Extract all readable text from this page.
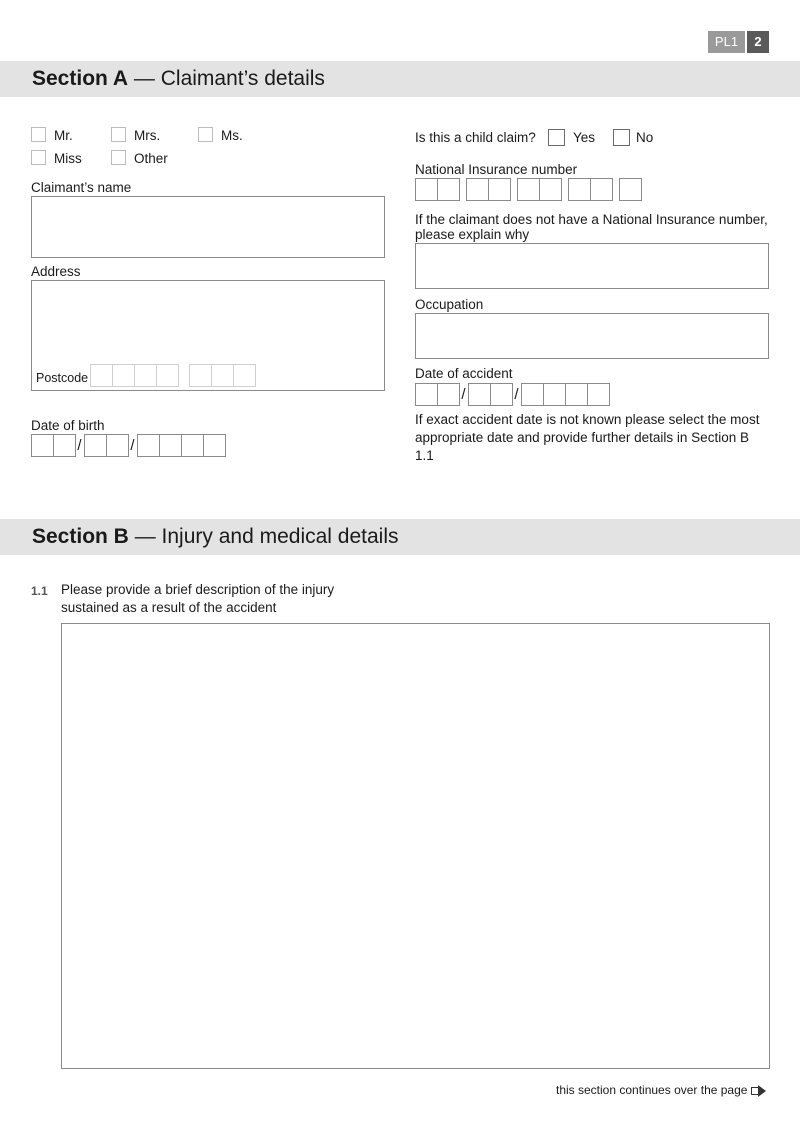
PL1	2
Section A — Claimant’s details
Mr.	Mrs.	Ms.
Miss	Other
Claimant’s name
Address
Postcode
Date of birth
/	/
Is this a child claim?	Yes	No
National Insurance number
If the claimant does not have a National Insurance number, please explain why
Occupation
Date of accident
/	/
If exact accident date is not known please select the most appropriate date and provide further details in Section B 1.1
Section B — Injury and medical details
1.1 Please provide a brief description of the injury sustained as a result of the accident
this section continues over the page
